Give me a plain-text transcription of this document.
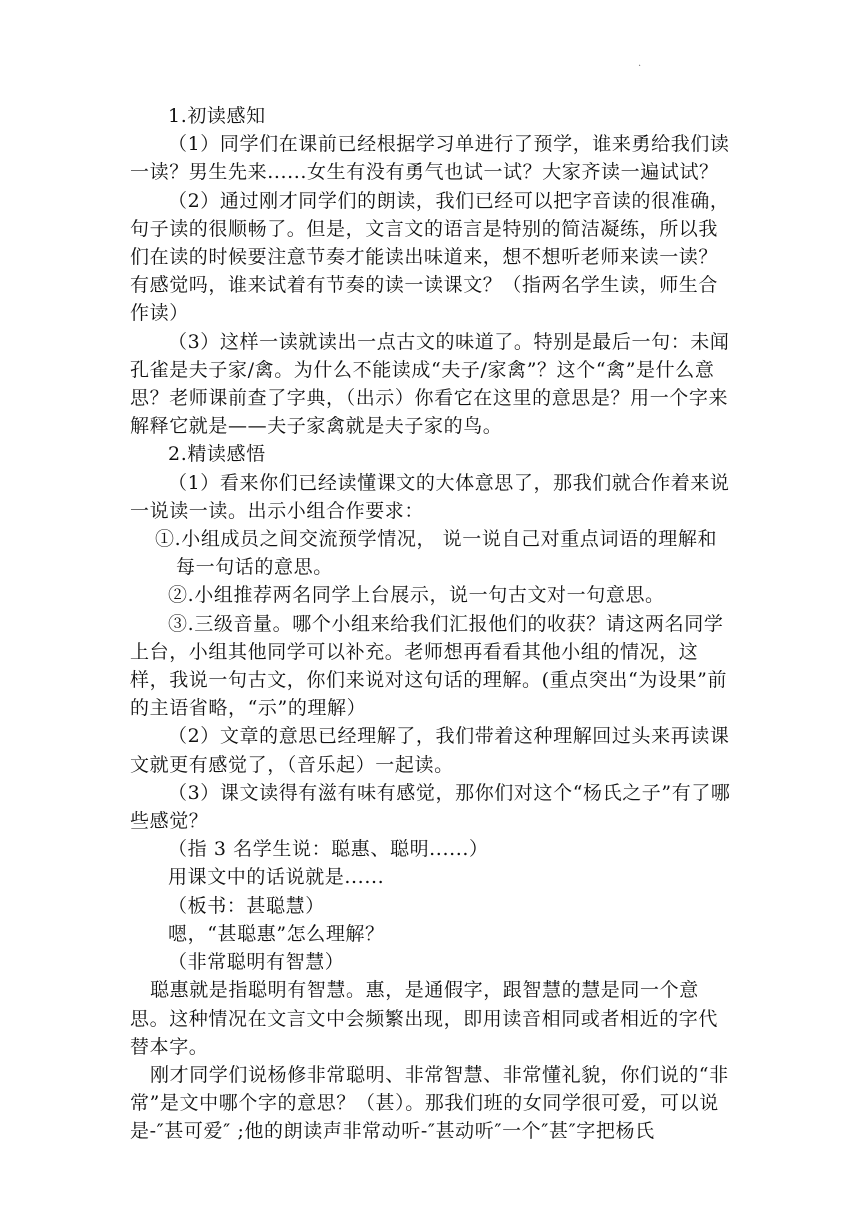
.

1.初读感知

（1）同学们在课前已经根据学习单进行了预学，谁来勇给我们读一读？男生先来......女生有没有勇气也试一试？大家齐读一遍试试？

（2）通过刚才同学们的朗读，我们已经可以把字音读的很准确，句子读的很顺畅了。但是，文言文的语言是特别的简洁凝练，所以我们在读的时候要注意节奏才能读出味道来，想不想听老师来读一读？有感觉吗，谁来试着有节奏的读一读课文？（指两名学生读，师生合作读）

（3）这样一读就读出一点古文的味道了。特别是最后一句：未闻孔雀是夫子家/禽。为什么不能读成“夫子/家禽”？这个“禽”是什么意思？老师课前查了字典，（出示）你看它在这里的意思是？用一个字来解释它就是——夫子家禽就是夫子家的鸟。

2.精读感悟

（1）看来你们已经读懂课文的大体意思了，那我们就合作着来说一说读一读。出示小组合作要求：

①.小组成员之间交流预学情况， 说一说自己对重点词语的理解和每一句话的意思。

②.小组推荐两名同学上台展示，说一句古文对一句意思。

③.三级音量。哪个小组来给我们汇报他们的收获？请这两名同学上台，小组其他同学可以补充。老师想再看看其他小组的情况，这样，我说一句古文，你们来说对这句话的理解。(重点突出“为设果”前的主语省略，“示”的理解）

（2）文章的意思已经理解了，我们带着这种理解回过头来再读课文就更有感觉了，（音乐起）一起读。

（3）课文读得有滋有味有感觉，那你们对这个“杨氏之子”有了哪些感觉？

（指 3 名学生说：聪惠、聪明......）

用课文中的话说就是......

（板书：甚聪慧）

嗯，“甚聪惠”怎么理解？

（非常聪明有智慧）

聪惠就是指聪明有智慧。惠，是通假字，跟智慧的慧是同一个意思。这种情况在文言文中会频繁出现，即用读音相同或者相近的字代替本字。

刚才同学们说杨修非常聪明、非常智慧、非常懂礼貌，你们说的“非常”是文中哪个字的意思？（甚）。那我们班的女同学很可爱，可以说是-″甚可爱″ ;他的朗读声非常动听-″甚动听″一个″甚″字把杨氏
